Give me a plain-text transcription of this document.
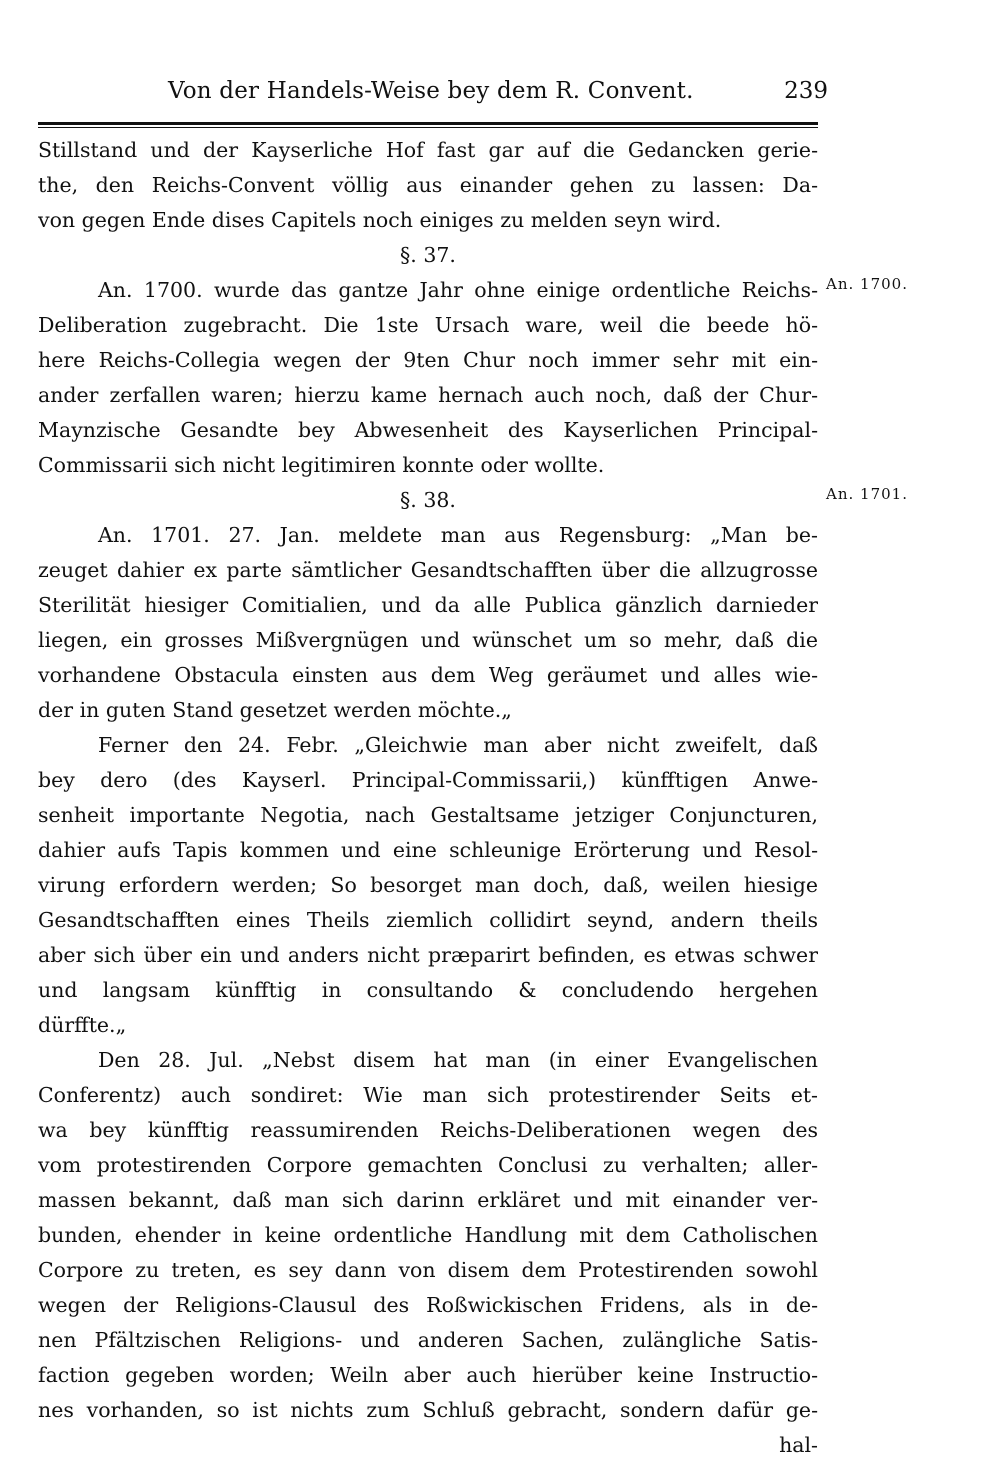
Von der Handels-Weise bey dem R. Convent.	239
Stillstand und der Kayserliche Hof fast gar auf die Gedancken gerie-
the, den Reichs-Convent völlig aus einander gehen zu lassen: Da-
von gegen Ende dises Capitels noch einiges zu melden seyn wird.
§. 37.
An. 1700. wurde das gantze Jahr ohne einige ordentliche Reichs-
Deliberation zugebracht. Die 1ste Ursach ware, weil die beede hö-
here Reichs-Collegia wegen der 9ten Chur noch immer sehr mit ein-
ander zerfallen waren; hierzu kame hernach auch noch, daß der Chur-
Maynzische Gesandte bey Abwesenheit des Kayserlichen Principal-
Commissarii sich nicht legitimiren konnte oder wollte.
§. 38.
An. 1701. 27. Jan. meldete man aus Regensburg: „Man be-
zeuget dahier ex parte sämtlicher Gesandtschafften über die allzugrosse
Sterilität hiesiger Comitialien, und da alle Publica gänzlich darnieder
liegen, ein grosses Mißvergnügen und wünschet um so mehr, daß die
vorhandene Obstacula einsten aus dem Weg geräumet und alles wie-
der in guten Stand gesetzet werden möchte.„
Ferner den 24. Febr. „Gleichwie man aber nicht zweifelt, daß
bey dero (des Kayserl. Principal-Commissarii,) künfftigen Anwe-
senheit importante Negotia, nach Gestaltsame jetziger Conjuncturen,
dahier aufs Tapis kommen und eine schleunige Erörterung und Resol-
virung erfordern werden; So besorget man doch, daß, weilen hiesige
Gesandtschafften eines Theils ziemlich collidirt seynd, andern theils
aber sich über ein und anders nicht præparirt befinden, es etwas schwer
und langsam künfftig in consultando & concludendo hergehen
dürffte.„
Den 28. Jul. „Nebst disem hat man (in einer Evangelischen
Conferentz) auch sondiret: Wie man sich protestirender Seits et-
wa bey künfftig reassumirenden Reichs-Deliberationen wegen des
vom protestirenden Corpore gemachten Conclusi zu verhalten; aller-
massen bekannt, daß man sich darinn erkläret und mit einander ver-
bunden, ehender in keine ordentliche Handlung mit dem Catholischen
Corpore zu treten, es sey dann von disem dem Protestirenden sowohl
wegen der Religions-Clausul des Roßwickischen Fridens, als in de-
nen Pfältzischen Religions- und anderen Sachen, zulängliche Satis-
faction gegeben worden; Weiln aber auch hierüber keine Instructio-
nes vorhanden, so ist nichts zum Schluß gebracht, sondern dafür ge-
hal-
An. 1700.
An. 1701.
